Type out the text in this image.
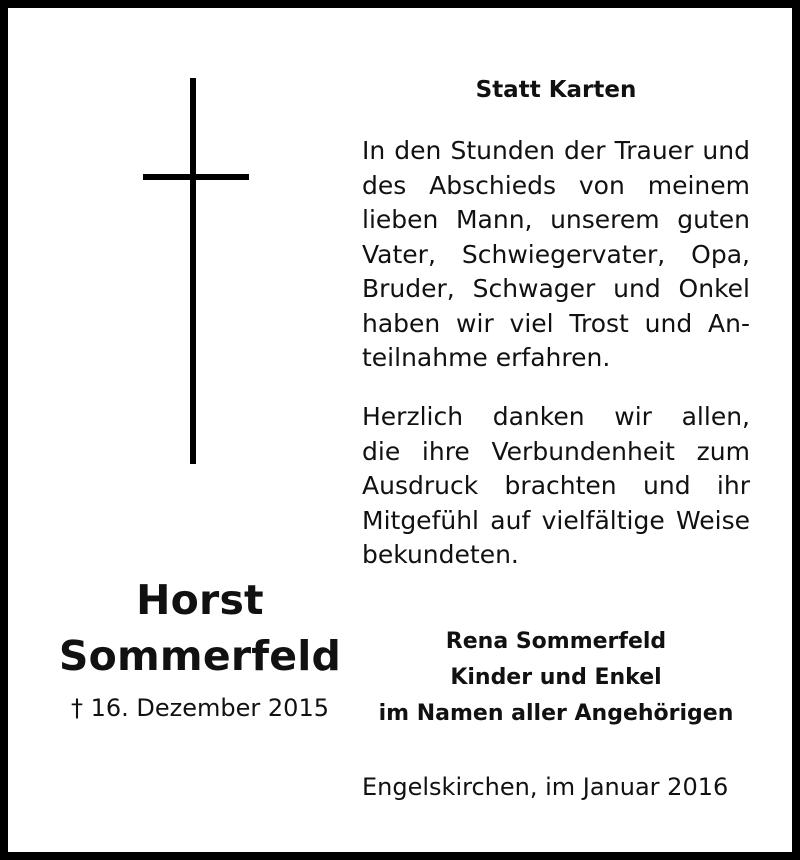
Horst
Sommerfeld
† 16. Dezember 2015
Statt Karten
In den Stunden der Trauer und
des Abschieds von meinem
lieben Mann, unserem guten
Vater, Schwiegervater, Opa,
Bruder, Schwager und Onkel
haben wir viel Trost und An-
teilnahme erfahren.
Herzlich danken wir allen,
die ihre Verbundenheit zum
Ausdruck brachten und ihr
Mitgefühl auf vielfältige Weise
bekundeten.
Rena Sommerfeld
Kinder und Enkel
im Namen aller Angehörigen
Engelskirchen, im Januar 2016
